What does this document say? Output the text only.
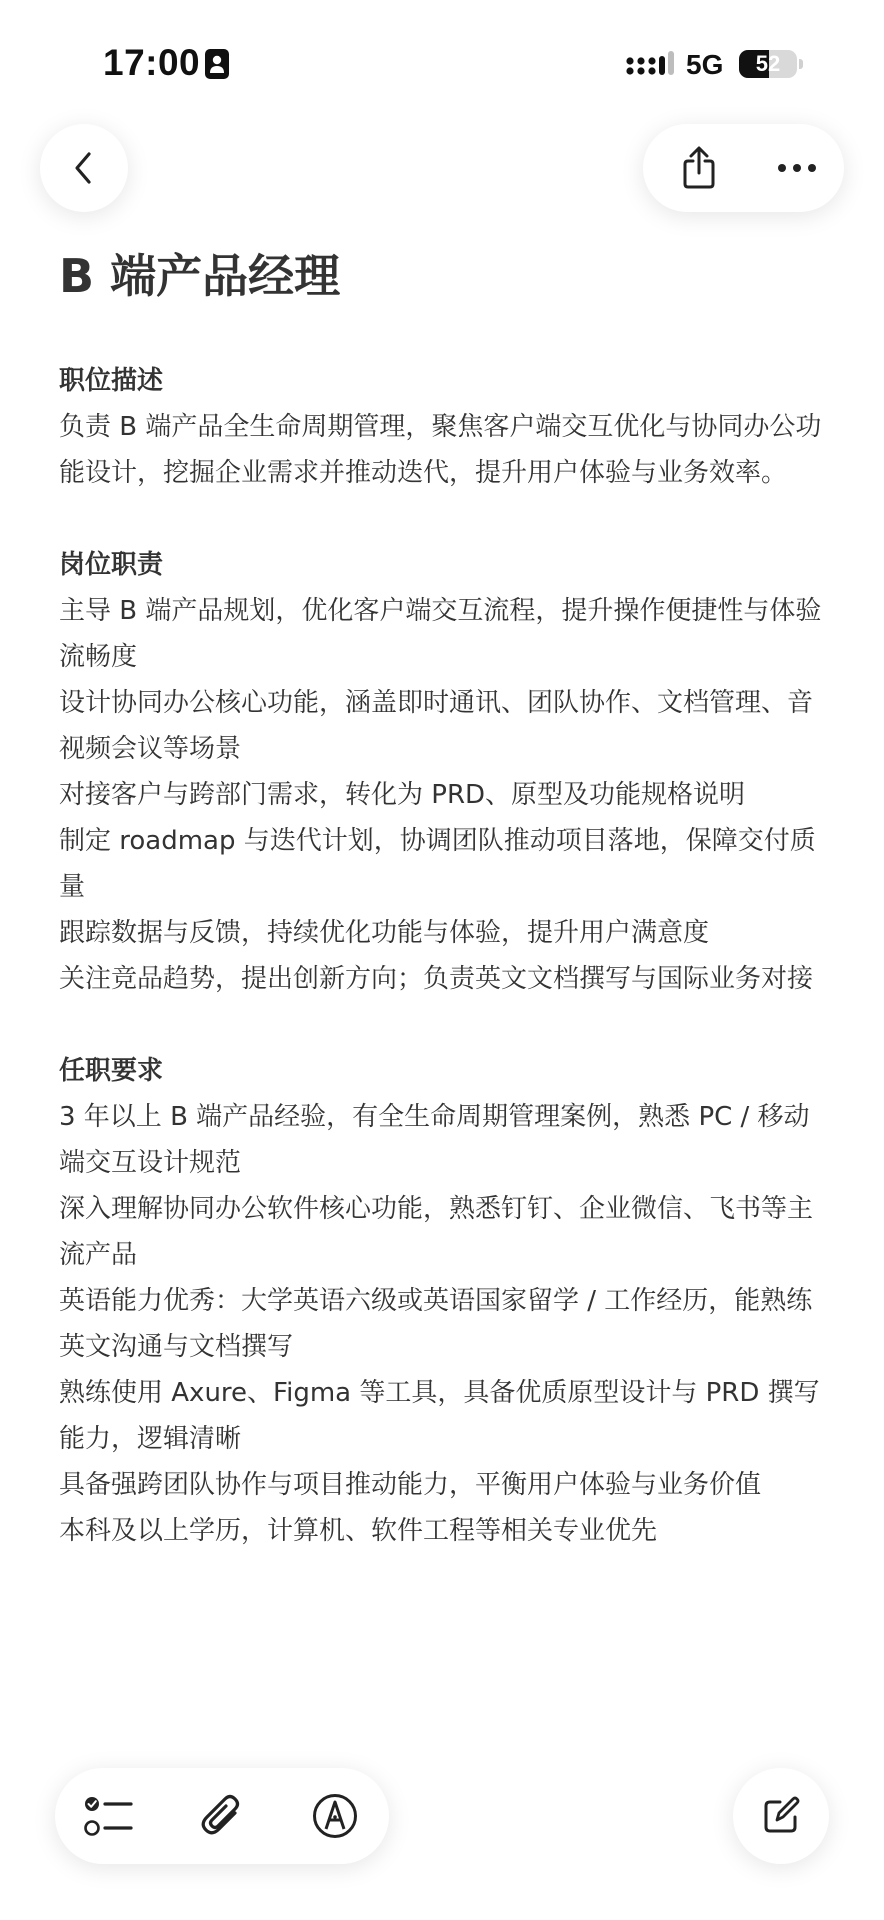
17:00	5G	52
B 端产品经理

职位描述

负责 B 端产品全生命周期管理，聚焦客户端交互优化与协同办公功能设计，挖掘企业需求并推动迭代，提升用户体验与业务效率。

岗位职责

主导 B 端产品规划，优化客户端交互流程，提升操作便捷性与体验流畅度

设计协同办公核心功能，涵盖即时通讯、团队协作、文档管理、音视频会议等场景

对接客户与跨部门需求，转化为 PRD、原型及功能规格说明

制定 roadmap 与迭代计划，协调团队推动项目落地，保障交付质量

跟踪数据与反馈，持续优化功能与体验，提升用户满意度

关注竞品趋势，提出创新方向；负责英文文档撰写与国际业务对接

任职要求

3 年以上 B 端产品经验，有全生命周期管理案例，熟悉 PC / 移动端交互设计规范

深入理解协同办公软件核心功能，熟悉钉钉、企业微信、飞书等主流产品

英语能力优秀：大学英语六级或英语国家留学 / 工作经历，能熟练英文沟通与文档撰写

熟练使用 Axure、Figma 等工具，具备优质原型设计与 PRD 撰写能力，逻辑清晰

具备强跨团队协作与项目推动能力，平衡用户体验与业务价值

本科及以上学历，计算机、软件工程等相关专业优先
